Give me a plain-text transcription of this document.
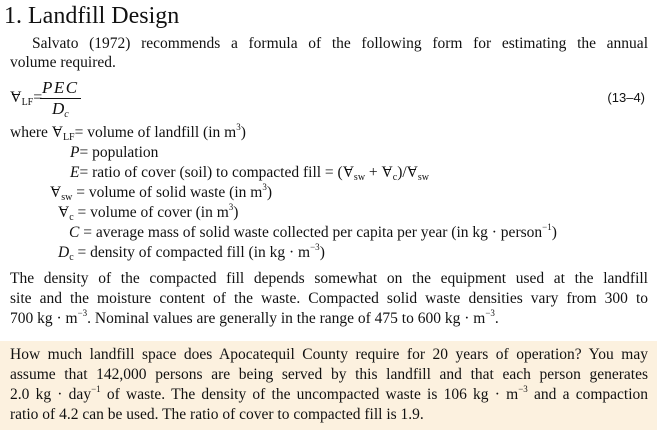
1. Landfill Design
Salvato (1972) recommends a formula of the following form for estimating the annual
volume required.
$V_{LF}=$
PEC
$D_c$
(13–4)
where $V_{LF}=$ volume of landfill (in $m^3$)
P= population
E= ratio of cover (soil) to compacted fill = $(V_{sw} + V_c)/V_{sw}$
$V_{sw}$ = volume of solid waste (in $m^3$)
$V_c$ = volume of cover (in $m^3$)
C = average mass of solid waste collected per capita per year (in kg · person$^{-1}$)
$D_c$ = density of compacted fill (in kg · $m^{-3}$)
The density of the compacted fill depends somewhat on the equipment used at the landfill
site and the moisture content of the waste. Compacted solid waste densities vary from 300 to
700 kg · $m^{-3}$. Nominal values are generally in the range of 475 to 600 kg · $m^{-3}$.
How much landfill space does Apocatequil County require for 20 years of operation? You may
assume that 142,000 persons are being served by this landfill and that each person generates
2.0 kg · day$^{-1}$ of waste. The density of the uncompacted waste is 106 kg · $m^{-3}$ and a compaction
ratio of 4.2 can be used. The ratio of cover to compacted fill is 1.9.
